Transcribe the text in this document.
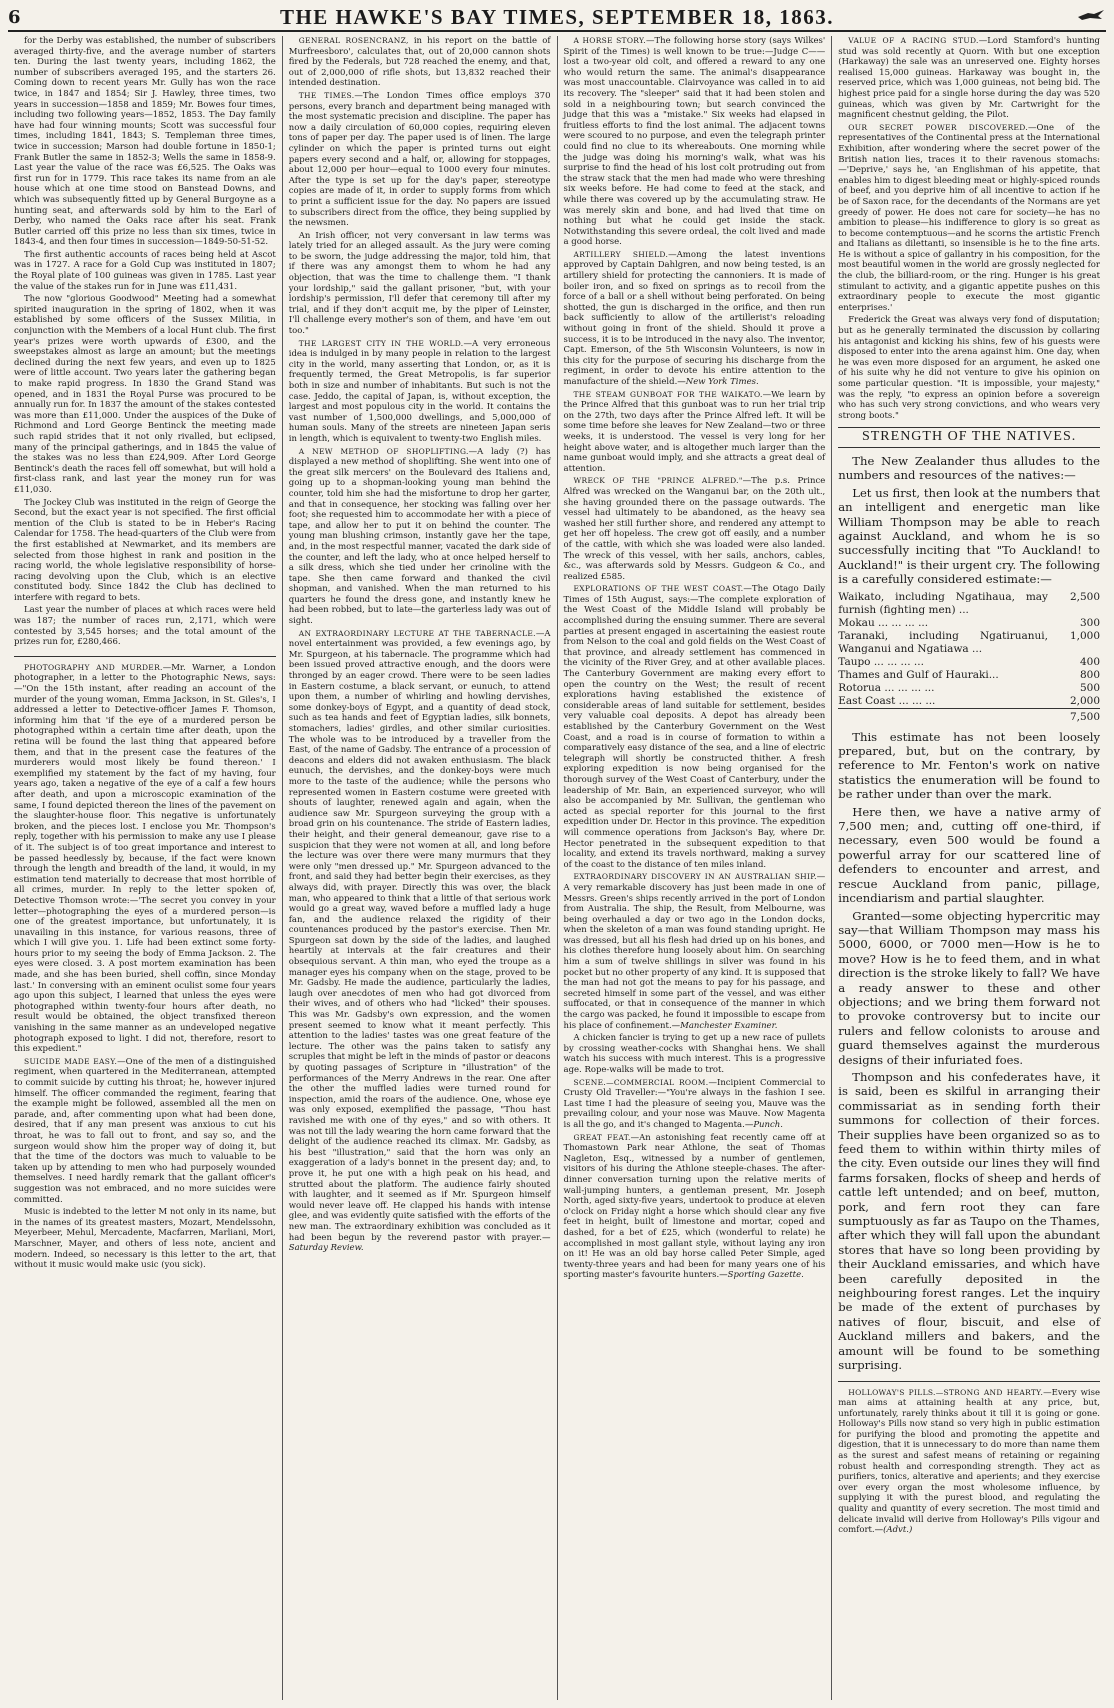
6	THE HAWKE'S BAY TIMES, SEPTEMBER 18, 1863.

for the Derby was established, the number of subscribers averaged thirty-five, and the average number of starters ten. During the last twenty years, including 1862, the number of subscribers averaged 195, and the starters 26. Coming down to recent years Mr. Gully has won the race twice, in 1847 and 1854; Sir J. Hawley, three times, two years in succession—1858 and 1859; Mr. Bowes four times, including two following years—1852, 1853. The Day family have had four winning mounts; Scott was successful four times, including 1841, 1843; S. Templeman three times, twice in succession; Marson had double fortune in 1850-1; Frank Butler the same in 1852-3; Wells the same in 1858-9. Last year the value of the race was £6,525. The Oaks was first run for in 1779. This race takes its name from an ale house which at one time stood on Banstead Downs, and which was subsequently fitted up by General Burgoyne as a hunting seat, and afterwards sold by him to the Earl of Derby, who named the Oaks race after his seat. Frank Butler carried off this prize no less than six times, twice in 1843-4, and then four times in succession—1849-50-51-52.

The first authentic accounts of races being held at Ascot was in 1727. A race for a Gold Cup was instituted in 1807; the Royal plate of 100 guineas was given in 1785. Last year the value of the stakes run for in June was £11,431.

The now "glorious Goodwood" Meeting had a somewhat spirited inauguration in the spring of 1802, when it was established by some officers of the Sussex Militia, in conjunction with the Members of a local Hunt club. The first year's prizes were worth upwards of £300, and the sweepstakes almost as large an amount; but the meetings declined during the next few years, and even up to 1825 were of little account. Two years later the gathering began to make rapid progress. In 1830 the Grand Stand was opened, and in 1831 the Royal Purse was procured to be annually run for. In 1837 the amount of the stakes contested was more than £11,000. Under the auspices of the Duke of Richmond and Lord George Bentinck the meeting made such rapid strides that it not only rivalled, but eclipsed, many of the principal gatherings, and in 1845 the value of the stakes was no less than £24,909. After Lord George Bentinck's death the races fell off somewhat, but will hold a first-class rank, and last year the money run for was £11,030.

The Jockey Club was instituted in the reign of George the Second, but the exact year is not specified. The first official mention of the Club is stated to be in Heber's Racing Calendar for 1758. The head-quarters of the Club were from the first established at Newmarket, and its members are selected from those highest in rank and position in the racing world, the whole legislative responsibility of horse-racing devolving upon the Club, which is an elective constituted body. Since 1842 the Club has declined to interfere with regard to bets.

Last year the number of places at which races were held was 187; the number of races run, 2,171, which were contested by 3,545 horses; and the total amount of the prizes run for, £280,466.

PHOTOGRAPHY AND MURDER.—Mr. Warner, a London photographer, in a letter to the Photographic News, says:—"On the 15th instant, after reading an account of the murder of the young woman, Emma Jackson, in St. Giles's, I addressed a letter to Detective-officer James F. Thomson, informing him that 'if the eye of a murdered person be photographed within a certain time after death, upon the retina will be found the last thing that appeared before them, and that in the present case the features of the murderers would most likely be found thereon.' I exemplified my statement by the fact of my having, four years ago, taken a negative of the eye of a calf a few hours after death, and upon a microscopic examination of the same, I found depicted thereon the lines of the pavement on the slaughter-house floor. This negative is unfortunately broken, and the pieces lost. I enclose you Mr. Thompson's reply, together with his permission to make any use I please of it. The subject is of too great importance and interest to be passed heedlessly by, because, if the fact were known through the length and breadth of the land, it would, in my estimation tend materially to decrease that most horrible of all crimes, murder. In reply to the letter spoken of, Detective Thomson wrote:—'The secret you convey in your letter—photographing the eyes of a murdered person—is one of the greatest importance, but unfortunately, it is unavailing in this instance, for various reasons, three of which I will give you. 1. Life had been extinct some forty-hours prior to my seeing the body of Emma Jackson. 2. The eyes were closed. 3. A post mortem examination has been made, and she has been buried, shell coffin, since Monday last.' In conversing with an eminent oculist some four years ago upon this subject, I learned that unless the eyes were photographed within twenty-four hours after death, no result would be obtained, the object transfixed thereon vanishing in the same manner as an undeveloped negative photograph exposed to light. I did not, therefore, resort to this expedient."

SUICIDE MADE EASY.—One of the men of a distinguished regiment, when quartered in the Mediterranean, attempted to commit suicide by cutting his throat; he, however injured himself. The officer commanded the regiment, fearing that the example might be followed, assembled all the men on parade, and, after commenting upon what had been done, desired, that if any man present was anxious to cut his throat, he was to fall out to front, and say so, and the surgeon would show him the proper way of doing it, but that the time of the doctors was much to valuable to be taken up by attending to men who had purposely wounded themselves. I need hardly remark that the gallant officer's suggestion was not embraced, and no more suicides were committed.

Music is indebted to the letter M not only in its name, but in the names of its greatest masters, Mozart, Mendelssohn, Meyerbeer, Mehul, Mercadente, Macfarren, Marliani, Mori, Marschner, Mayer, and others of less note, ancient and modern. Indeed, so necessary is this letter to the art, that without it music would make usic (you sick).

GENERAL ROSENCRANZ, in his report on the battle of Murfreesboro', calculates that, out of 20,000 cannon shots fired by the Federals, but 728 reached the enemy, and that, out of 2,000,000 of rifle shots, but 13,832 reached their intended destination.

THE TIMES.—The London Times office employs 370 persons, every branch and department being managed with the most systematic precision and discipline. The paper has now a daily circulation of 60,000 copies, requiring eleven tons of paper per day. The paper used is of linen. The large cylinder on which the paper is printed turns out eight papers every second and a half, or, allowing for stoppages, about 12,000 per hour—equal to 1000 every four minutes. After the type is set up for the day's paper, stereotype copies are made of it, in order to supply forms from which to print a sufficient issue for the day. No papers are issued to subscribers direct from the office, they being supplied by the newsmen.

An Irish officer, not very conversant in law terms was lately tried for an alleged assault. As the jury were coming to be sworn, the judge addressing the major, told him, that if there was any amongst them to whom he had any objection, that was the time to challenge them. "I thank your lordship," said the gallant prisoner, "but, with your lordship's permission, I'll defer that ceremony till after my trial, and if they don't acquit me, by the piper of Leinster, I'll challenge every mother's son of them, and have 'em out too."

THE LARGEST CITY IN THE WORLD.—A very erroneous idea is indulged in by many people in relation to the largest city in the world, many asserting that London, or, as it is frequently termed, the Great Metropolis, is far superior both in size and number of inhabitants. But such is not the case. Jeddo, the capital of Japan, is, without exception, the largest and most populous city in the world. It contains the vast number of 1,500,000 dwellings, and 5,000,000 of human souls. Many of the streets are nineteen Japan seris in length, which is equivalent to twenty-two English miles.

A NEW METHOD OF SHOPLIFTING.—A lady (?) has displayed a new method of shoplifting. She went into one of the great silk mercers' on the Boulevard des Italiens and, going up to a shopman-looking young man behind the counter, told him she had the misfortune to drop her garter, and that in consequence, her stocking was falling over her foot; she requested him to accommodate her with a piece of tape, and allow her to put it on behind the counter. The young man blushing crimson, instantly gave her the tape, and, in the most respectful manner, vacated the dark side of the counter, and left the lady, who at once helped herself to a silk dress, which she tied under her crinoline with the tape. She then came forward and thanked the civil shopman, and vanished. When the man returned to his quarters he found the dress gone, and instantly knew he had been robbed, but to late—the garterless lady was out of sight.

AN EXTRAORDINARY LECTURE AT THE TABERNACLE.—A novel entertainment was provided, a few evenings ago, by Mr. Spurgeon, at his tabernacle. The programme which had been issued proved attractive enough, and the doors were thronged by an eager crowd. There were to be seen ladies in Eastern costume, a black servant, or eunuch, to attend upon them, a number of whirling and howling dervishes, some donkey-boys of Egypt, and a quantity of dead stock, such as tea hands and feet of Egyptian ladies, silk bonnets, stomachers, ladies' girdles, and other similar curiosities. The whole was to be introduced by a traveller from the East, of the name of Gadsby. The entrance of a procession of deacons and elders did not awaken enthusiasm. The black eunuch, the dervishes, and the donkey-boys were much more to the taste of the audience; while the persons who represented women in Eastern costume were greeted with shouts of laughter, renewed again and again, when the audience saw Mr. Spurgeon surveying the group with a broad grin on his countenance. The stride of Eastern ladies, their height, and their general demeanour, gave rise to a suspicion that they were not women at all, and long before the lecture was over there were many murmurs that they were only "men dressed up." Mr. Spurgeon advanced to the front, and said they had better begin their exercises, as they always did, with prayer. Directly this was over, the black man, who appeared to think that a little of that serious work would go a great way, waved before a muffled lady a huge fan, and the audience relaxed the rigidity of their countenances produced by the pastor's exercise. Then Mr. Spurgeon sat down by the side of the ladies, and laughed heartily at intervals at the fair creatures and their obsequious servant. A thin man, who eyed the troupe as a manager eyes his company when on the stage, proved to be Mr. Gadsby. He made the audience, particularly the ladies, laugh over anecdotes of men who had got divorced from their wives, and of others who had "licked" their spouses. This was Mr. Gadsby's own expression, and the women present seemed to know what it meant perfectly. This attention to the ladies' tastes was one great feature of the lecture. The other was the pains taken to satisfy any scruples that might be left in the minds of pastor or deacons by quoting passages of Scripture in "illustration" of the performances of the Merry Andrews in the rear. One after the other the muffled ladies were turned round for inspection, amid the roars of the audience. One, whose eye was only exposed, exemplified the passage, "Thou hast ravished me with one of thy eyes," and so with others. It was not till the lady wearing the horn came forward that the delight of the audience reached its climax. Mr. Gadsby, as his best "illustration," said that the horn was only an exaggeration of a lady's bonnet in the present day; and, to prove it, he put one with a high peak on his head, and strutted about the platform. The audience fairly shouted with laughter, and it seemed as if Mr. Spurgeon himself would never leave off. He clapped his hands with intense glee, and was evidently quite satisfied with the efforts of the new man. The extraordinary exhibition was concluded as it had been begun by the reverend pastor with prayer.—Saturday Review.

A HORSE STORY.—The following horse story (says Wilkes' Spirit of the Times) is well known to be true:—Judge C—— lost a two-year old colt, and offered a reward to any one who would return the same. The animal's disappearance was most unaccountable. Clairvoyance was called in to aid its recovery. The "sleeper" said that it had been stolen and sold in a neighbouring town; but search convinced the judge that this was a "mistake." Six weeks had elapsed in fruitless efforts to find the lost animal. The adjacent towns were scoured to no purpose, and even the telegraph printer could find no clue to its whereabouts. One morning while the judge was doing his morning's walk, what was his surprise to find the head of his lost colt protruding out from the straw stack that the men had made who were threshing six weeks before. He had come to feed at the stack, and while there was covered up by the accumulating straw. He was merely skin and bone, and had lived that time on nothing but what he could get inside the stack. Notwithstanding this severe ordeal, the colt lived and made a good horse.

ARTILLERY SHIELD.—Among the latest inventions approved by Captain Dahlgren, and now being tested, is an artillery shield for protecting the cannoniers. It is made of boiler iron, and so fixed on springs as to recoil from the force of a ball or a shell without being perforated. On being shotted, the gun is discharged in the orifice, and then run back sufficiently to allow of the artillerist's reloading without going in front of the shield. Should it prove a success, it is to be introduced in the navy also. The inventor, Capt. Emerson, of the 5th Wisconsin Volunteers, is now in this city for the purpose of securing his discharge from the regiment, in order to devote his entire attention to the manufacture of the shield.—New York Times.

THE STEAM GUNBOAT FOR THE WAIKATO.—We learn by the Prince Alfred that this gunboat was to run her trial trip on the 27th, two days after the Prince Alfred left. It will be some time before she leaves for New Zealand—two or three weeks, it is understood. The vessel is very long for her height above water, and is altogether much larger than the name gunboat would imply, and she attracts a great deal of attention.

WRECK OF THE "PRINCE ALFRED."—The p.s. Prince Alfred was wrecked on the Wanganui bar, on the 20th ult., she having grounded there on the passage outwards. The vessel had ultimately to be abandoned, as the heavy sea washed her still further shore, and rendered any attempt to get her off hopeless. The crew got off easily, and a number of the cattle, with which she was loaded were also landed. The wreck of this vessel, with her sails, anchors, cables, &c., was afterwards sold by Messrs. Gudgeon & Co., and realized £585.

EXPLORATIONS OF THE WEST COAST.—The Otago Daily Times of 15th August, says:—The complete exploration of the West Coast of the Middle Island will probably be accomplished during the ensuing summer. There are several parties at present engaged in ascertaining the easiest route from Nelson to the coal and gold fields on the West Coast of that province, and already settlement has commenced in the vicinity of the River Grey, and at other available places. The Canterbury Government are making every effort to open the country on the West; the result of recent explorations having established the existence of considerable areas of land suitable for settlement, besides very valuable coal deposits. A depot has already been established by the Canterbury Government on the West Coast, and a road is in course of formation to within a comparatively easy distance of the sea, and a line of electric telegraph will shortly be constructed thither. A fresh exploring expedition is now being organised for the thorough survey of the West Coast of Canterbury, under the leadership of Mr. Bain, an experienced surveyor, who will also be accompanied by Mr. Sullivan, the gentleman who acted as special reporter for this journal to the first expedition under Dr. Hector in this province. The expedition will commence operations from Jackson's Bay, where Dr. Hector penetrated in the subsequent expedition to that locality, and extend its travels northward, making a survey of the coast to the distance of ten miles inland.

EXTRAORDINARY DISCOVERY IN AN AUSTRALIAN SHIP.—A very remarkable discovery has just been made in one of Messrs. Green's ships recently arrived in the port of London from Australia. The ship, the Result, from Melbourne, was being overhauled a day or two ago in the London docks, when the skeleton of a man was found standing upright. He was dressed, but all his flesh had dried up on his bones, and his clothes therefore hung loosely about him. On searching him a sum of twelve shillings in silver was found in his pocket but no other property of any kind. It is supposed that the man had not got the means to pay for his passage, and secreted himself in some part of the vessel, and was either suffocated, or that in consequence of the manner in which the cargo was packed, he found it impossible to escape from his place of confinement.—Manchester Examiner.

A chicken fancier is trying to get up a new race of pullets by crossing weather-cocks with Shanghai hens. We shall watch his success with much interest. This is a progressive age. Rope-walks will be made to trot.

SCENE.—COMMERCIAL ROOM.—Incipient Commercial to Crusty Old Traveller:—"You're always in the fashion I see. Last time I had the pleasure of seeing you, Mauve was the prevailing colour, and your nose was Mauve. Now Magenta is all the go, and it's changed to Magenta.—Punch.

GREAT FEAT.—An astonishing feat recently came off at Thomastown Park near Athlone, the seat of Thomas Nagleton, Esq., witnessed by a number of gentlemen, visitors of his during the Athlone steeple-chases. The after-dinner conversation turning upon the relative merits of wall-jumping hunters, a gentleman present, Mr. Joseph North, aged sixty-five years, undertook to produce at eleven o'clock on Friday night a horse which should clear any five feet in height, built of limestone and mortar, coped and dashed, for a bet of £25, which (wonderful to relate) he accomplished in most gallant style, without laying any iron on it! He was an old bay horse called Peter Simple, aged twenty-three years and had been for many years one of his sporting master's favourite hunters.—Sporting Gazette.

VALUE OF A RACING STUD.—Lord Stamford's hunting stud was sold recently at Quorn. With but one exception (Harkaway) the sale was an unreserved one. Eighty horses realised 15,000 guineas. Harkaway was bought in, the reserved price, which was 1,000 guineas, not being bid. The highest price paid for a single horse during the day was 520 guineas, which was given by Mr. Cartwright for the magnificent chestnut gelding, the Pilot.

OUR SECRET POWER DISCOVERED.—One of the representatives of the Continental press at the International Exhibition, after wondering where the secret power of the British nation lies, traces it to their ravenous stomachs:—'Deprive,' says he, 'an Englishman of his appetite, that enables him to digest bleeding meat or highly-spiced rounds of beef, and you deprive him of all incentive to action if he be of Saxon race, for the decendants of the Normans are yet greedy of power. He does not care for society—he has no ambition to please—his indifference to glory is so great as to become contemptuous—and he scorns the artistic French and Italians as dilettanti, so insensible is he to the fine arts. He is without a spice of gallantry in his composition, for the most beautiful women in the world are grossly neglected for the club, the billiard-room, or the ring. Hunger is his great stimulant to activity, and a gigantic appetite pushes on this extraordinary people to execute the most gigantic enterprises.'

Frederick the Great was always very fond of disputation; but as he generally terminated the discussion by collaring his antagonist and kicking his shins, few of his guests were disposed to enter into the arena against him. One day, when he was even more disposed for an argument, he asked one of his suite why he did not venture to give his opinion on some particular question. "It is impossible, your majesty," was the reply, "to express an opinion before a sovereign who has such very strong convictions, and who wears very strong boots."

STRENGTH OF THE NATIVES.

The New Zealander thus alludes to the numbers and resources of the natives:—

Let us first, then look at the numbers that an intelligent and energetic man like William Thompson may be able to reach against Auckland, and whom he is so successfully inciting that "To Auckland! to Auckland!" is their urgent cry. The following is a carefully considered estimate:—

Waikato, including Ngatihaua, may furnish (fighting men) ...	2,500
Mokau ... ... ... ...	300
Taranaki, including Ngatiruanui, Wanganui and Ngatiawa ...	1,000
Taupo ... ... ... ...	400
Thames and Gulf of Hauraki...	800
Rotorua ... ... ... ...	500
East Coast ... ... ...	2,000
	7,500

This estimate has not been loosely prepared, but, but on the contrary, by reference to Mr. Fenton's work on native statistics the enumeration will be found to be rather under than over the mark.

Here then, we have a native army of 7,500 men; and, cutting off one-third, if necessary, even 500 would be found a powerful array for our scattered line of defenders to encounter and arrest, and rescue Auckland from panic, pillage, incendiarism and partial slaughter.

Granted—some objecting hypercritic may say—that William Thompson may mass his 5000, 6000, or 7000 men—How is he to move? How is he to feed them, and in what direction is the stroke likely to fall? We have a ready answer to these and other objections; and we bring them forward not to provoke controversy but to incite our rulers and fellow colonists to arouse and guard themselves against the murderous designs of their infuriated foes.

Thompson and his confederates have, it is said, been es skilful in arranging their commissariat as in sending forth their summons for collection of their forces. Their supplies have been organized so as to feed them to within within thirty miles of the city. Even outside our lines they will find farms forsaken, flocks of sheep and herds of cattle left untended; and on beef, mutton, pork, and fern root they can fare sumptuously as far as Taupo on the Thames, after which they will fall upon the abundant stores that have so long been providing by their Auckland emissaries, and which have been carefully deposited in the neighbouring forest ranges. Let the inquiry be made of the extent of purchases by natives of flour, biscuit, and else of Auckland millers and bakers, and the amount will be found to be something surprising.

HOLLOWAY'S PILLS.—STRONG AND HEARTY.—Every wise man aims at attaining health at any price, but, unfortunately, rarely thinks about it till it is going or gone. Holloway's Pills now stand so very high in public estimation for purifying the blood and promoting the appetite and digestion, that it is unnecessary to do more than name them as the surest and safest means of retaining or regaining robust health and corresponding strength. They act as purifiers, tonics, alterative and aperients; and they exercise over every organ the most wholesome influence, by supplying it with the purest blood, and regulating the quality and quantity of every secretion. The most timid and delicate invalid will derive from Holloway's Pills vigour and comfort.—(Advt.)
